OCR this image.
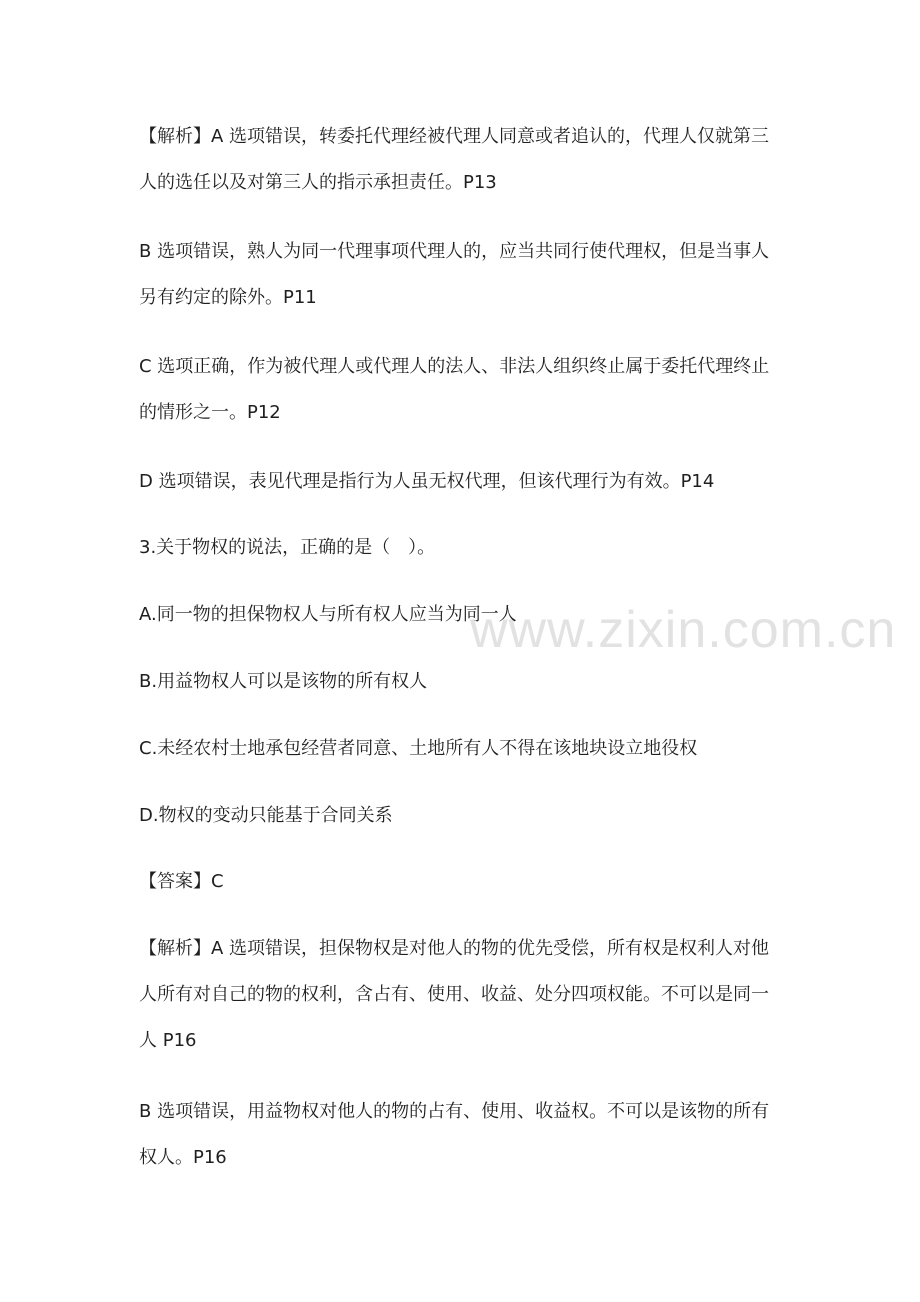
www.zixin.com.cn

【解析】A 选项错误，转委托代理经被代理人同意或者追认的，代理人仅就第三人的选任以及对第三人的指示承担责任。P13

B 选项错误，熟人为同一代理事项代理人的，应当共同行使代理权，但是当事人另有约定的除外。P11

C 选项正确，作为被代理人或代理人的法人、非法人组织终止属于委托代理终止的情形之一。P12

D 选项错误，表见代理是指行为人虽无权代理，但该代理行为有效。P14

3.关于物权的说法，正确的是（　）。

A.同一物的担保物权人与所有权人应当为同一人

B.用益物权人可以是该物的所有权人

C.未经农村士地承包经营者同意、土地所有人不得在该地块设立地役权

D.物权的变动只能基于合同关系

【答案】C

【解析】A 选项错误，担保物权是对他人的物的优先受偿，所有权是权利人对他人所有对自己的物的权利，含占有、使用、收益、处分四项权能。不可以是同一人 P16

B 选项错误，用益物权对他人的物的占有、使用、收益权。不可以是该物的所有权人。P16
